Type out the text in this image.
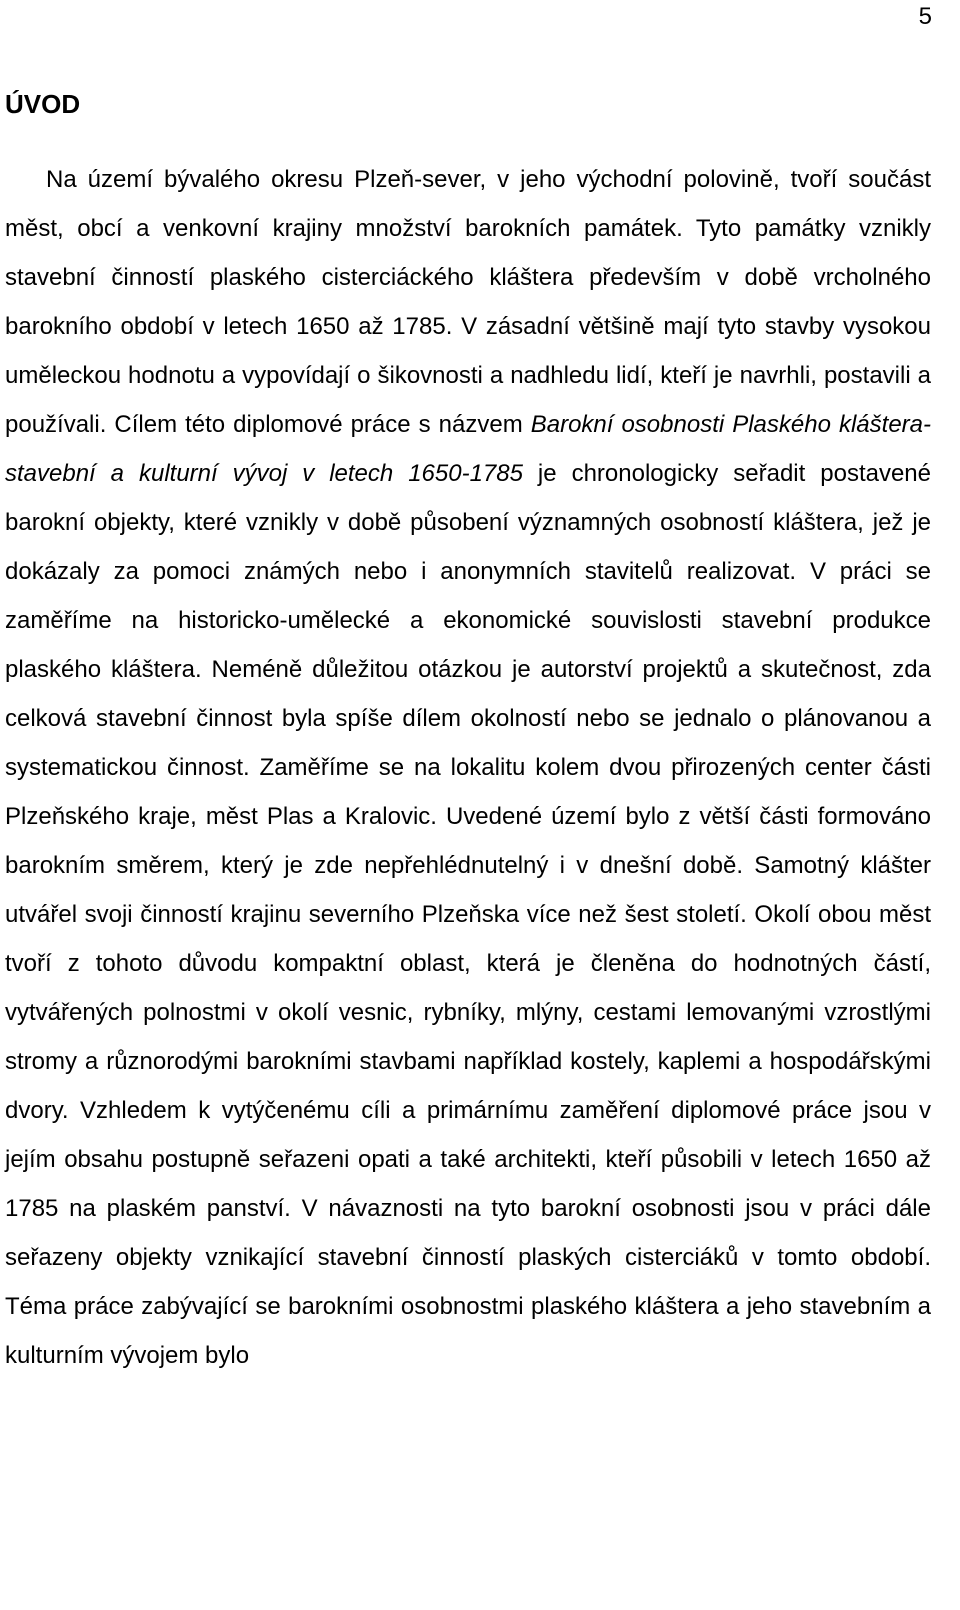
5
ÚVOD

Na území bývalého okresu Plzeň-sever, v jeho východní polovině, tvoří součást měst, obcí a venkovní krajiny množství barokních památek. Tyto památky vznikly stavební činností plaského cisterciáckého kláštera především v době vrcholného barokního období v letech 1650 až 1785. V zásadní většině mají tyto stavby vysokou uměleckou hodnotu a vypovídají o šikovnosti a nadhledu lidí, kteří je navrhli, postavili a používali. Cílem této diplomové práce s názvem Barokní osobnosti Plaského kláštera-stavební a kulturní vývoj v letech 1650-1785 je chronologicky seřadit postavené barokní objekty, které vznikly v době působení významných osobností kláštera, jež je dokázaly za pomoci známých nebo i anonymních stavitelů realizovat. V práci se zaměříme na historicko-umělecké a ekonomické souvislosti stavební produkce plaského kláštera. Neméně důležitou otázkou je autorství projektů a skutečnost, zda celková stavební činnost byla spíše dílem okolností nebo se jednalo o plánovanou a systematickou činnost. Zaměříme se na lokalitu kolem dvou přirozených center části Plzeňského kraje, měst Plas a Kralovic. Uvedené území bylo z větší části formováno barokním směrem, který je zde nepřehlédnutelný i v dnešní době. Samotný klášter utvářel svoji činností krajinu severního Plzeňska více než šest století. Okolí obou měst tvoří z tohoto důvodu kompaktní oblast, která je členěna do hodnotných částí, vytvářených polnostmi v okolí vesnic, rybníky, mlýny, cestami lemovanými vzrostlými stromy a různorodými barokními stavbami například kostely, kaplemi a hospodářskými dvory. Vzhledem k vytýčenému cíli a primárnímu zaměření diplomové práce jsou v jejím obsahu postupně seřazeni opati a také architekti, kteří působili v letech 1650 až 1785 na plaském panství. V návaznosti na tyto barokní osobnosti jsou v práci dále seřazeny objekty vznikající stavební činností plaských cisterciáků v tomto období. Téma práce zabývající se barokními osobnostmi plaského kláštera a jeho stavebním a kulturním vývojem bylo
